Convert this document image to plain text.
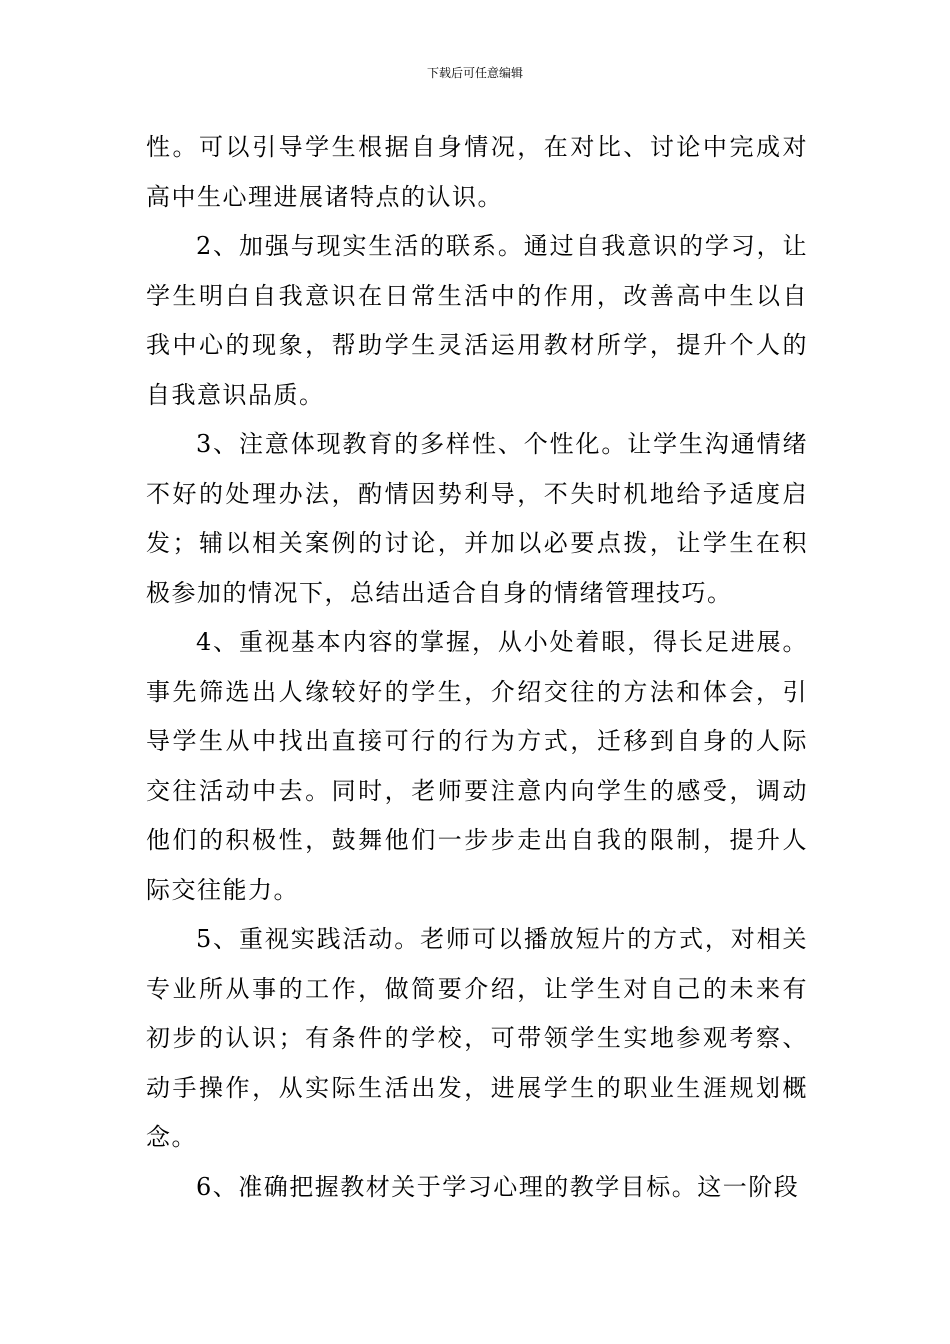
下载后可任意编辑

性。可以引导学生根据自身情况，在对比、讨论中完成对高中生心理进展诸特点的认识。

2、加强与现实生活的联系。通过自我意识的学习，让学生明白自我意识在日常生活中的作用，改善高中生以自我中心的现象，帮助学生灵活运用教材所学，提升个人的自我意识品质。

3、注意体现教育的多样性、个性化。让学生沟通情绪不好的处理办法，酌情因势利导，不失时机地给予适度启发；辅以相关案例的讨论，并加以必要点拨，让学生在积极参加的情况下，总结出适合自身的情绪管理技巧。

4、重视基本内容的掌握，从小处着眼，得长足进展。事先筛选出人缘较好的学生，介绍交往的方法和体会，引导学生从中找出直接可行的行为方式，迁移到自身的人际交往活动中去。同时，老师要注意内向学生的感受，调动他们的积极性，鼓舞他们一步步走出自我的限制，提升人际交往能力。

5、重视实践活动。老师可以播放短片的方式，对相关专业所从事的工作，做简要介绍，让学生对自己的未来有初步的认识；有条件的学校，可带领学生实地参观考察、动手操作，从实际生活出发，进展学生的职业生涯规划概念。

6、准确把握教材关于学习心理的教学目标。这一阶段
